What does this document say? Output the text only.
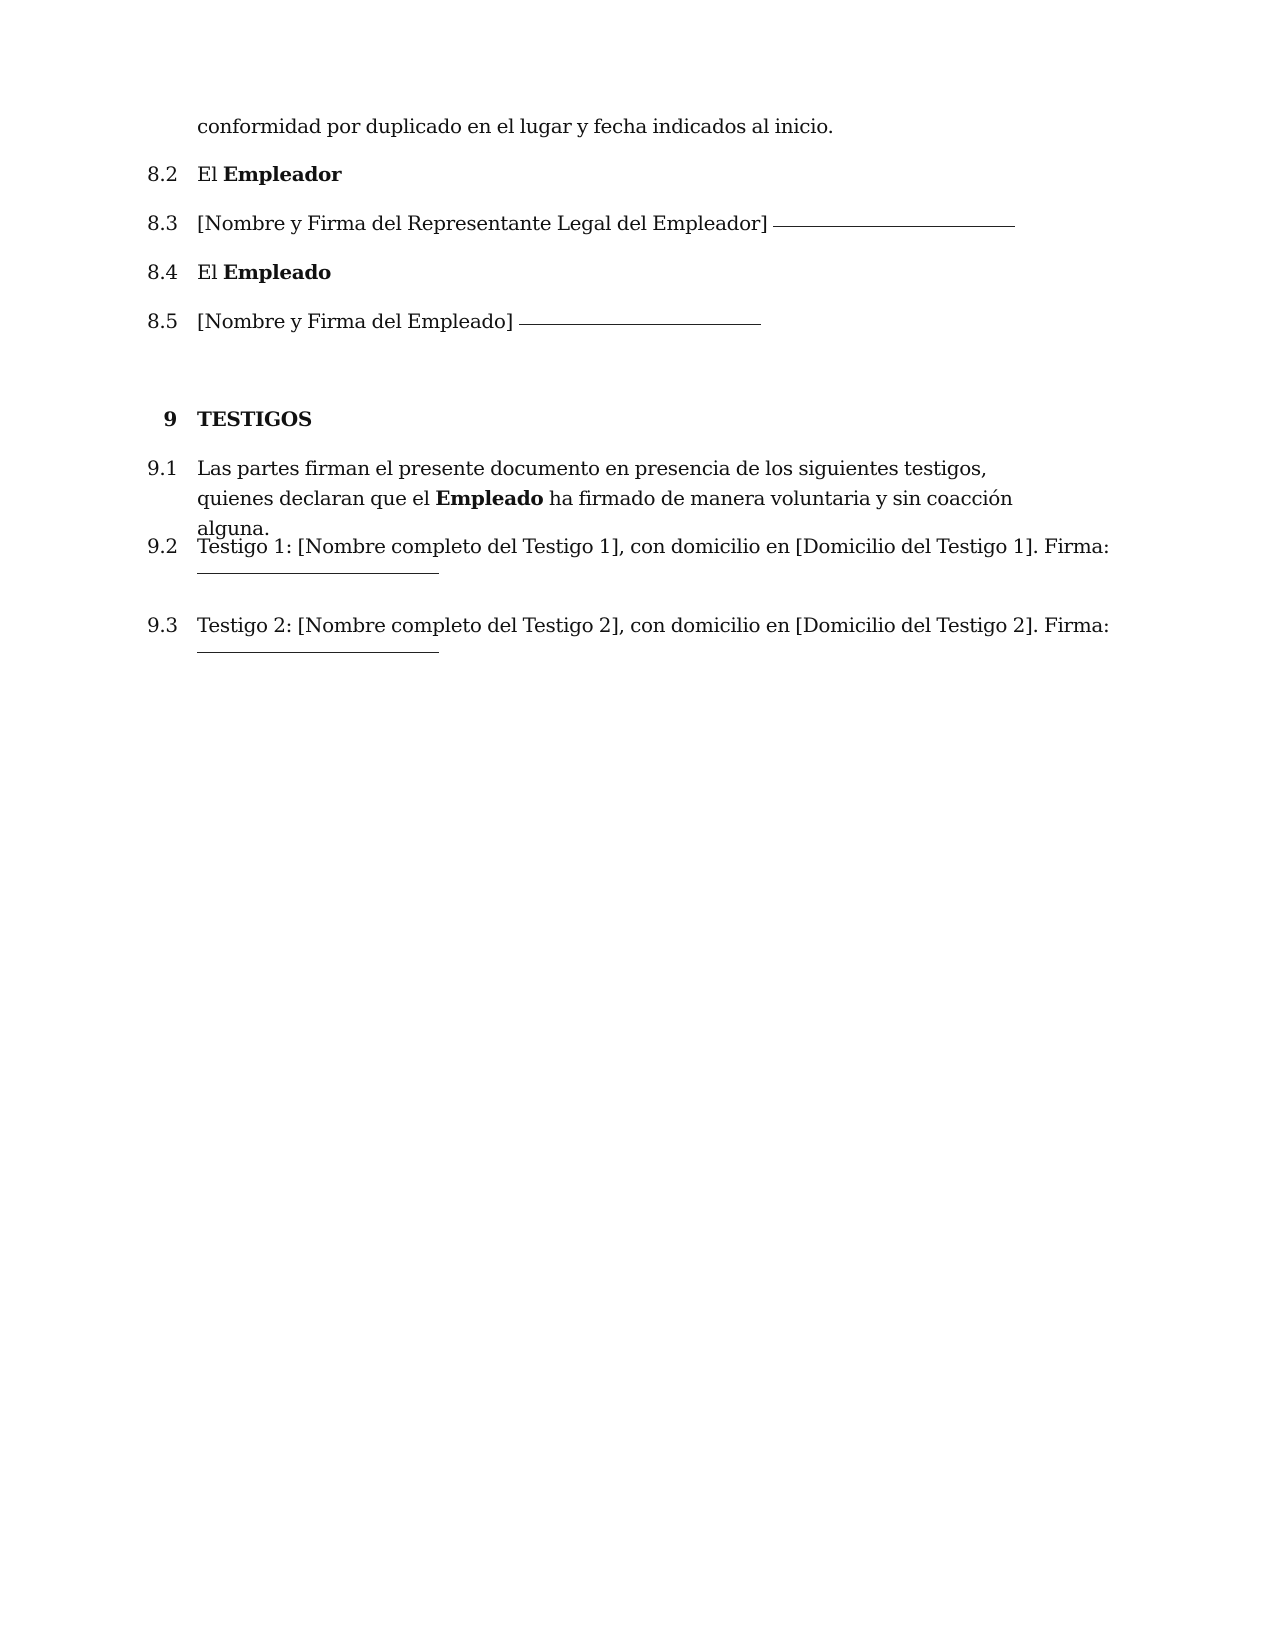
conformidad por duplicado en el lugar y fecha indicados al inicio.
8.2 El Empleador
8.3 [Nombre y Firma del Representante Legal del Empleador]
8.4 El Empleado
8.5 [Nombre y Firma del Empleado]
9 TESTIGOS
9.1 Las partes firman el presente documento en presencia de los siguientes testigos, quienes declaran que el Empleado ha firmado de manera voluntaria y sin coacción alguna.
9.2 Testigo 1: [Nombre completo del Testigo 1], con domicilio en [Domicilio del Testigo 1]. Firma:
9.3 Testigo 2: [Nombre completo del Testigo 2], con domicilio en [Domicilio del Testigo 2]. Firma:
